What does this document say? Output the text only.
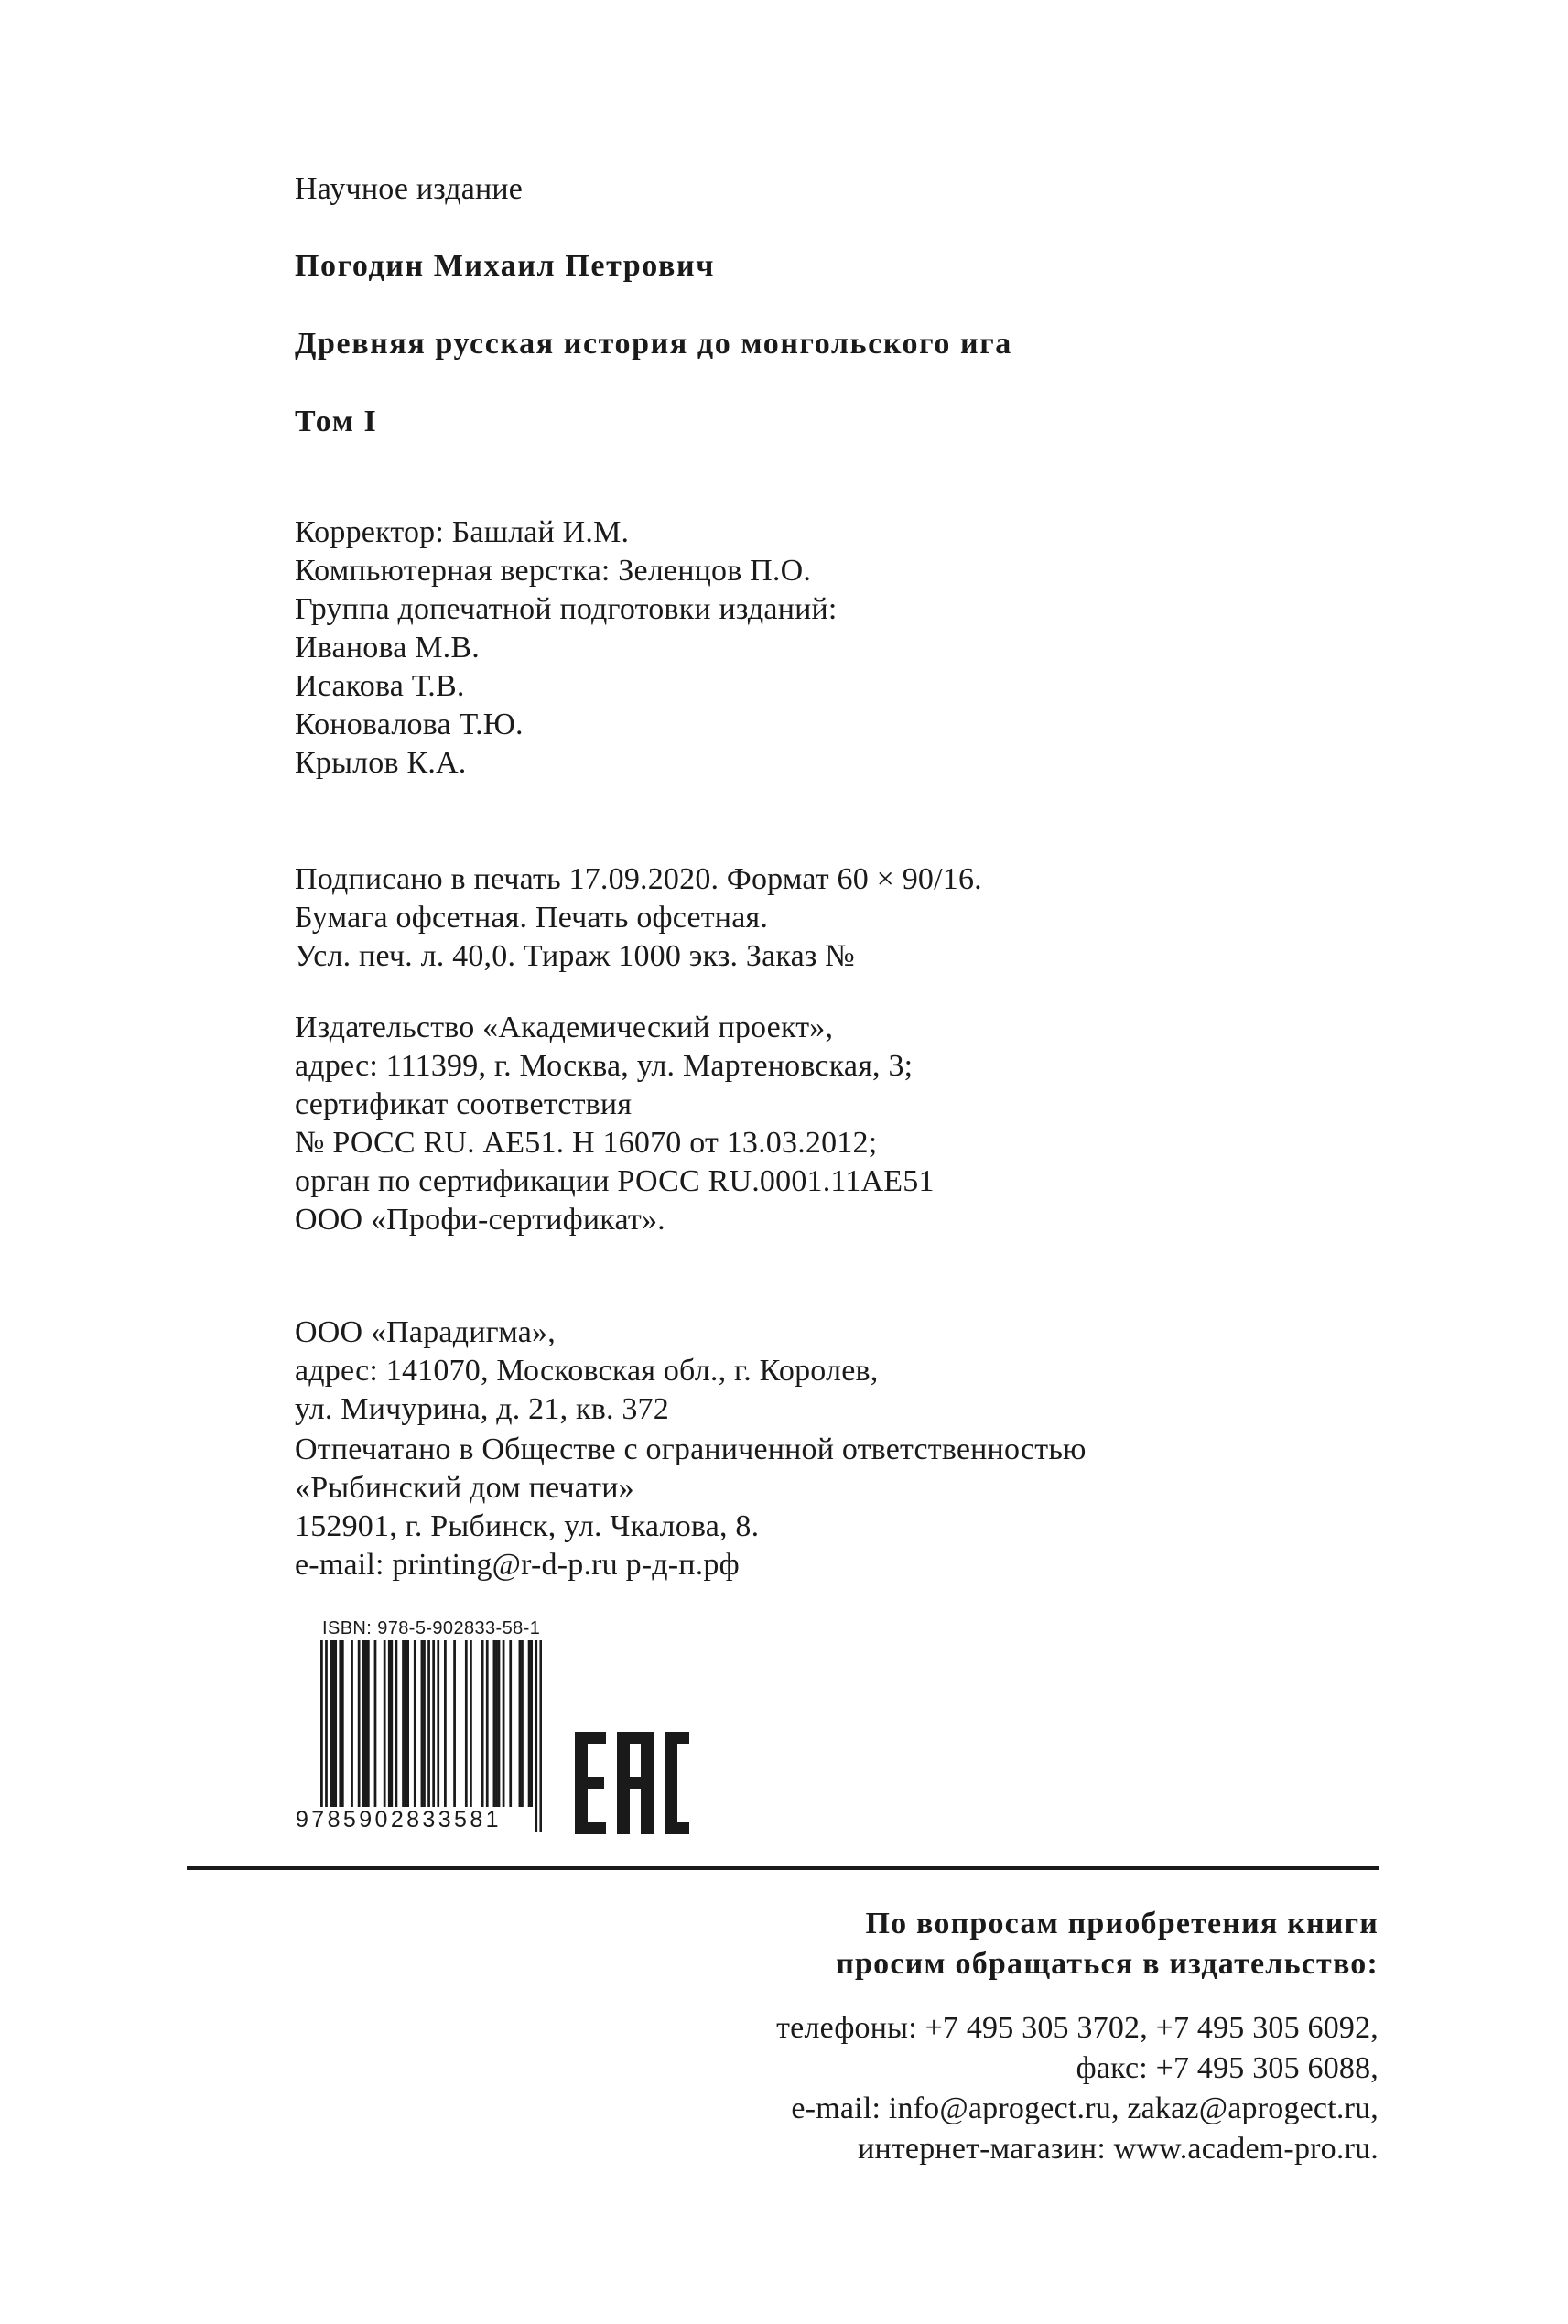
Научное издание
Погодин Михаил Петрович
Древняя русская история до монгольского ига
Том I
Корректор: Башлай И.М.
Компьютерная верстка: Зеленцов П.О.
Группа допечатной подготовки изданий:
Иванова М.В.
Исакова Т.В.
Коновалова Т.Ю.
Крылов К.А.
Подписано в печать 17.09.2020. Формат 60 × 90/16.
Бумага офсетная. Печать офсетная.
Усл. печ. л. 40,0. Тираж 1000 экз. Заказ №
Издательство «Академический проект»,
адрес: 111399, г. Москва, ул. Мартеновская, 3;
сертификат соответствия
№ РОСС RU. АЕ51. Н 16070 от 13.03.2012;
орган по сертификации РОСС RU.0001.11АЕ51
ООО «Профи-сертификат».
ООО «Парадигма»,
адрес: 141070, Московская обл., г. Королев,
ул. Мичурина, д. 21, кв. 372
Отпечатано в Обществе с ограниченной ответственностью
«Рыбинский дом печати»
152901, г. Рыбинск, ул. Чкалова, 8.
e-mail: printing@r-d-p.ru р-д-п.рф
ISBN: 978-5-902833-58-1
9785902833581
По вопросам приобретения книги
просим обращаться в издательство:
телефоны: +7 495 305 3702, +7 495 305 6092,
факс: +7 495 305 6088,
e-mail: info@aprogect.ru, zakaz@aprogect.ru,
интернет-магазин: www.academ-pro.ru.
